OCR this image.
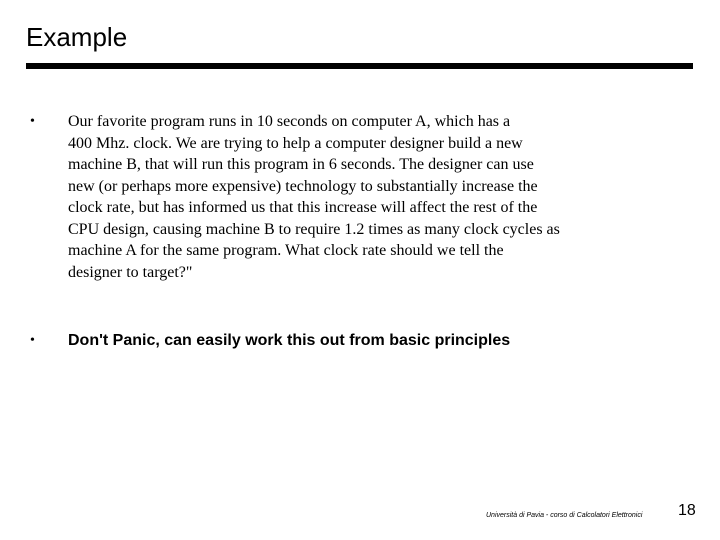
Example
•	Our favorite program runs in 10 seconds on computer A, which has a
400 Mhz. clock. We are trying to help a computer designer build a new
machine B, that will run this program in 6 seconds. The designer can use
new (or perhaps more expensive) technology to substantially increase the
clock rate, but has informed us that this increase will affect the rest of the
CPU design, causing machine B to require 1.2 times as many clock cycles as
machine A for the same program. What clock rate should we tell the
designer to target?"
•	Don't Panic, can easily work this out from basic principles
Università di Pavia - corso di Calcolatori Elettronici 18
